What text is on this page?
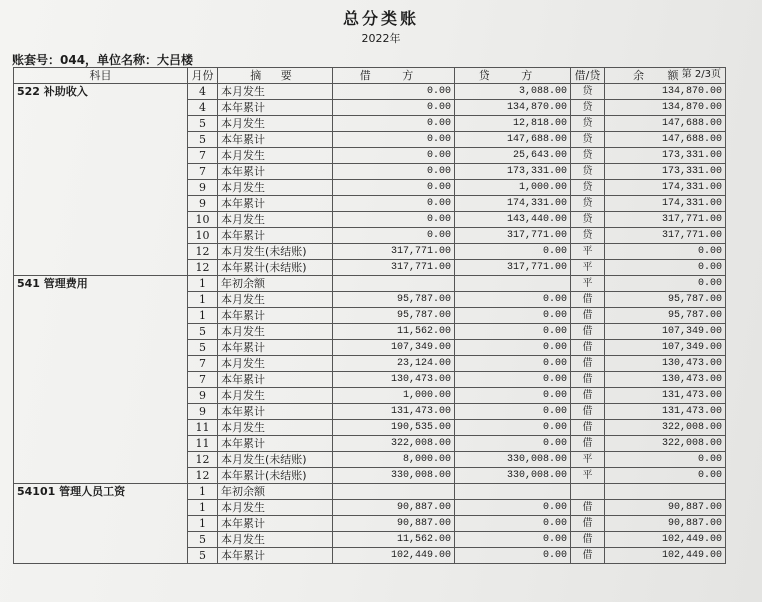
总分类账
2022年
账套号：044，单位名称：大吕楼
科目	月份	摘 要	借 方	贷 方	借/贷	余 额
第 2/3页

522 补助收入	4	本月发生	0.00	3,088.00	贷	134,870.00
	4	本年累计	0.00	134,870.00	贷	134,870.00
	5	本月发生	0.00	12,818.00	贷	147,688.00
	5	本年累计	0.00	147,688.00	贷	147,688.00
	7	本月发生	0.00	25,643.00	贷	173,331.00
	7	本年累计	0.00	173,331.00	贷	173,331.00
	9	本月发生	0.00	1,000.00	贷	174,331.00
	9	本年累计	0.00	174,331.00	贷	174,331.00
	10	本月发生	0.00	143,440.00	贷	317,771.00
	10	本年累计	0.00	317,771.00	贷	317,771.00
	12	本月发生(未结账)	317,771.00	0.00	平	0.00
	12	本年累计(未结账)	317,771.00	317,771.00	平	0.00
541 管理费用	1	年初余额			平	0.00
	1	本月发生	95,787.00	0.00	借	95,787.00
	1	本年累计	95,787.00	0.00	借	95,787.00
	5	本月发生	11,562.00	0.00	借	107,349.00
	5	本年累计	107,349.00	0.00	借	107,349.00
	7	本月发生	23,124.00	0.00	借	130,473.00
	7	本年累计	130,473.00	0.00	借	130,473.00
	9	本月发生	1,000.00	0.00	借	131,473.00
	9	本年累计	131,473.00	0.00	借	131,473.00
	11	本月发生	190,535.00	0.00	借	322,008.00
	11	本年累计	322,008.00	0.00	借	322,008.00
	12	本月发生(未结账)	8,000.00	330,008.00	平	0.00
	12	本年累计(未结账)	330,008.00	330,008.00	平	0.00
54101 管理人员工资	1	年初余额				
	1	本月发生	90,887.00	0.00	借	90,887.00
	1	本年累计	90,887.00	0.00	借	90,887.00
	5	本月发生	11,562.00	0.00	借	102,449.00
	5	本年累计	102,449.00	0.00	借	102,449.00
